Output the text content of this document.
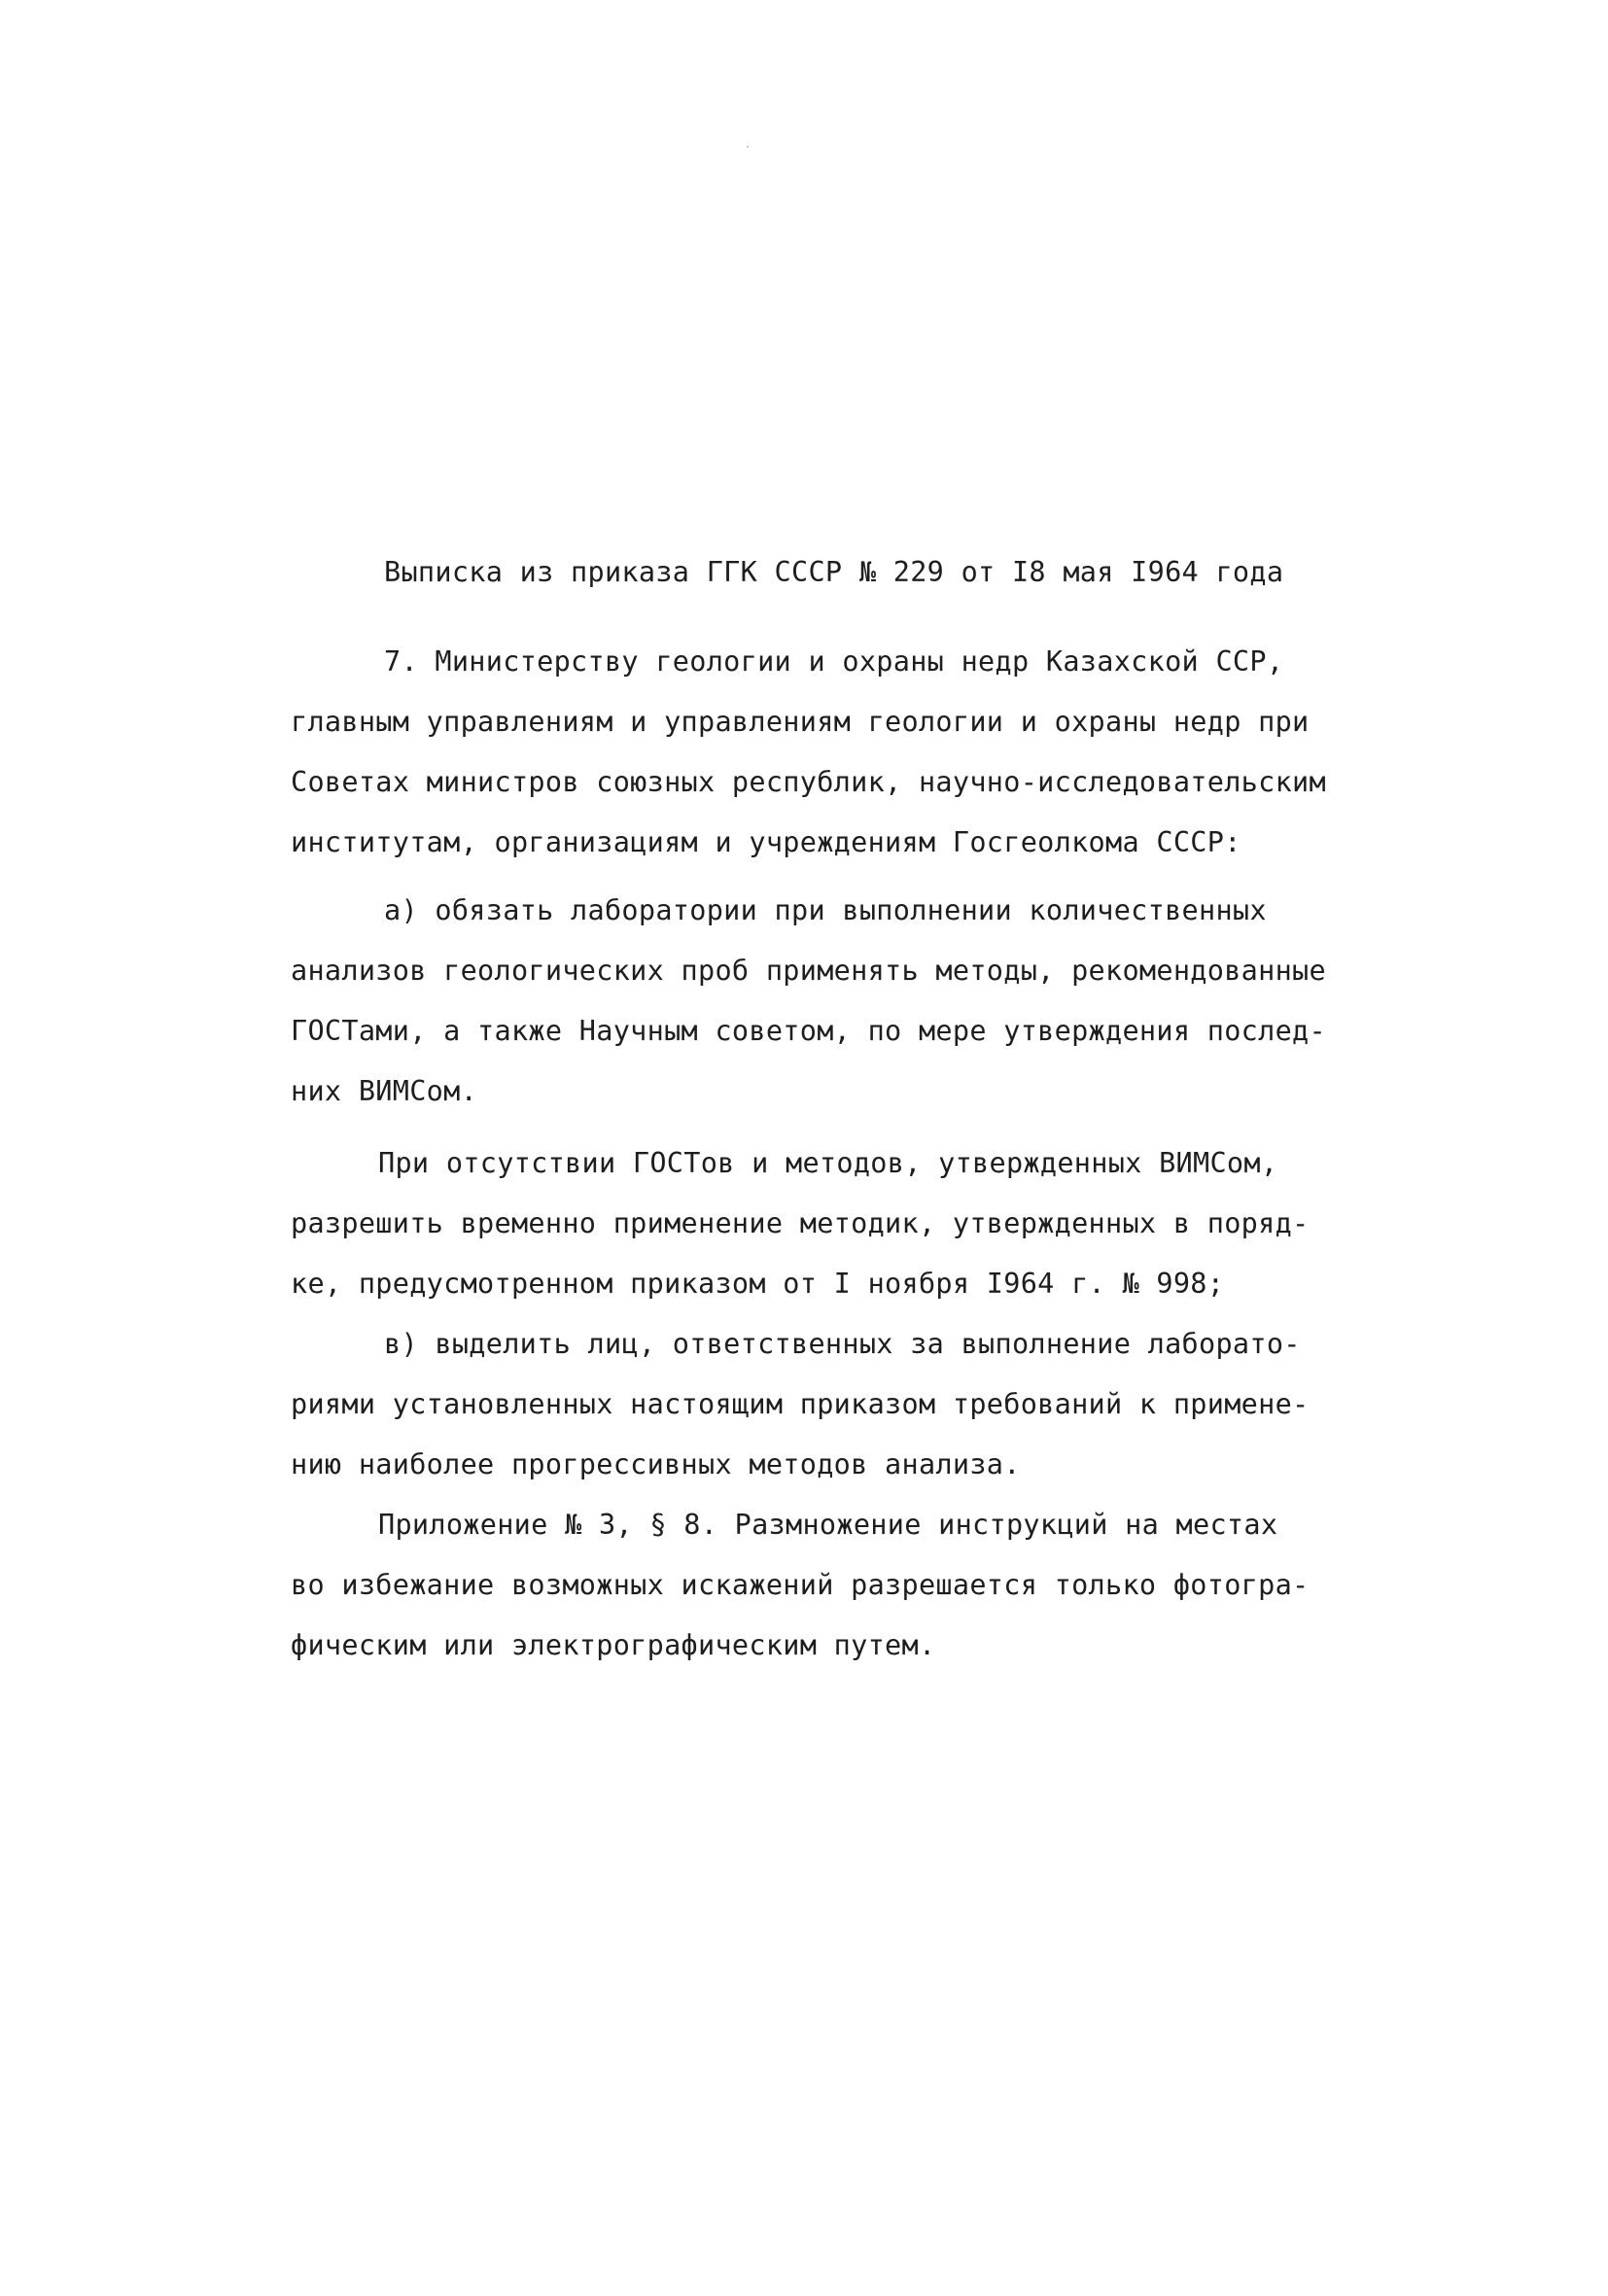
Выписка из приказа ГГК СССР № 229 от I8 мая I964 года

7. Министерству геологии и охраны недр Казахской ССР,

главным управлениям и управлениям геологии и охраны недр при

Советах министров союзных республик, научно-исследовательским

институтам, организациям и учреждениям Госгеолкома СССР:

а) обязать лаборатории при выполнении количественных

анализов геологических проб применять методы, рекомендованные

ГОСТами, а также Научным советом, по мере утверждения послед-

них ВИМСом.

При отсутствии ГОСТов и методов, утвержденных ВИМСом,

разрешить временно применение методик, утвержденных в поряд-

ке, предусмотренном приказом от I ноября I964 г. № 998;

в) выделить лиц, ответственных за выполнение лаборато-

риями установленных настоящим приказом требований к примене-

нию наиболее прогрессивных методов анализа.

Приложение № 3, § 8. Размножение инструкций на местах

во избежание возможных искажений разрешается только фотогра-

фическим или электрографическим путем.
